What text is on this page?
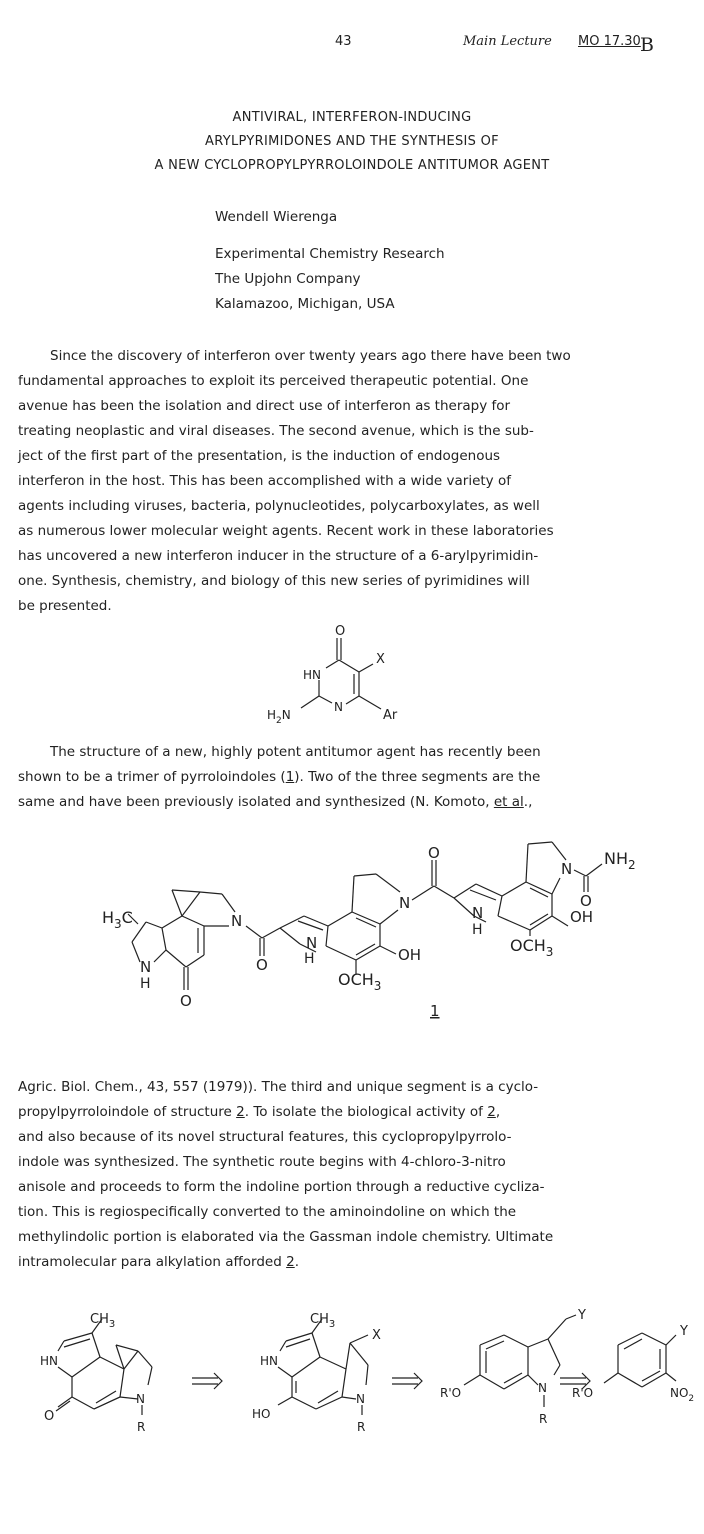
43	Main Lecture MO 17.30 B
ANTIVIRAL, INTERFERON-INDUCING
ARYLPYRIMIDONES AND THE SYNTHESIS OF
A NEW CYCLOPROPYLPYRROLOINDOLE ANTITUMOR AGENT
Wendell Wierenga
Experimental Chemistry Research
The Upjohn Company
Kalamazoo, Michigan, USA

Since the discovery of interferon over twenty years ago there have been two

fundamental approaches to exploit its perceived therapeutic potential. One

avenue has been the isolation and direct use of interferon as therapy for

treating neoplastic and viral diseases. The second avenue, which is the sub-

ject of the first part of the presentation, is the induction of endogenous

interferon in the host. This has been accomplished with a wide variety of

agents including viruses, bacteria, polynucleotides, polycarboxylates, as well

as numerous lower molecular weight agents. Recent work in these laboratories

has uncovered a new interferon inducer in the structure of a 6-arylpyrimidin-

one. Synthesis, chemistry, and biology of this new series of pyrimidines will

be presented.

O
X
HN
N
$H_2N$	Ar

The structure of a new, highly potent antitumor agent has recently been

shown to be a trimer of pyrroloindoles (1). Two of the three segments are the

same and have been previously isolated and synthesized (N. Komoto, et al.,

$H_3C$
N
H
O
N
O
N
H	OH
$OCH_3$
O
N
N
H
OH
$OCH_3$
$NH_2$
O
N
1

Agric. Biol. Chem., 43, 557 (1979)). The third and unique segment is a cyclo-

propylpyrroloindole of structure 2. To isolate the biological activity of 2,

and also because of its novel structural features, this cyclopropylpyrrolo-

indole was synthesized. The synthetic route begins with 4-chloro-3-nitro

anisole and proceeds to form the indoline portion through a reductive cycliza-

tion. This is regiospecifically converted to the aminoindoline on which the

methylindolic portion is elaborated via the Gassman indole chemistry. Ultimate

intramolecular para alkylation afforded 2.

$CH_3$
HN
O
N
R
$CH_3$
X
HN
HO
N
R
Y
R'O	N
R
Y
R'O	$NO_2$
